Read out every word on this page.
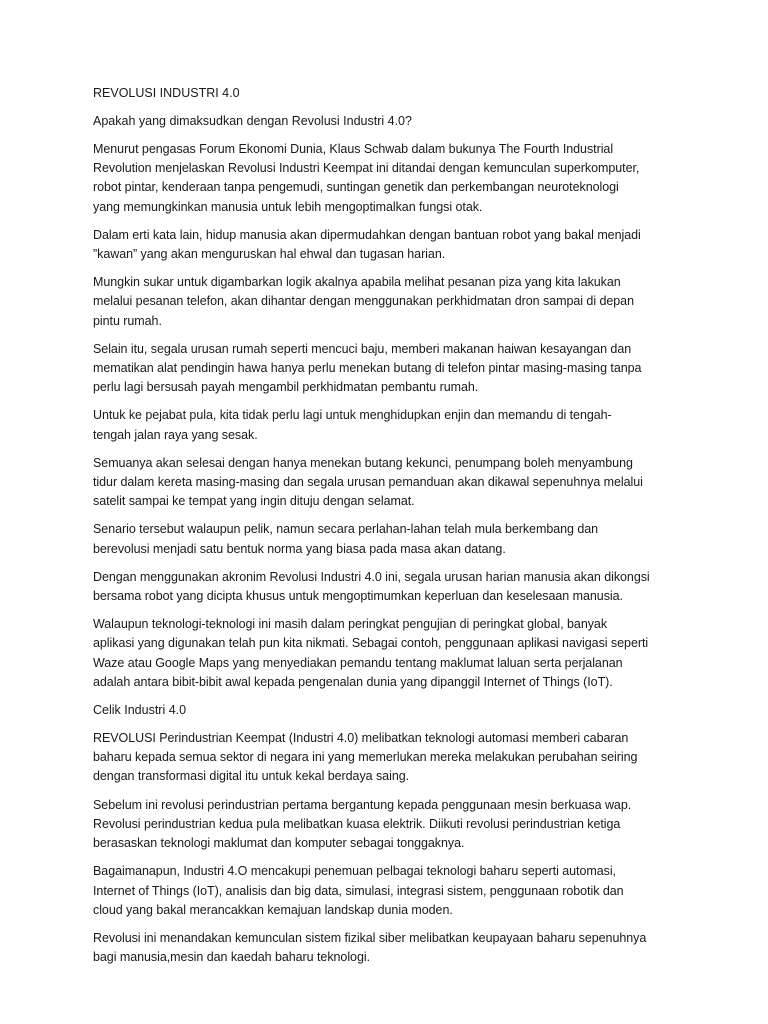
REVOLUSI INDUSTRI 4.0
Apakah yang dimaksudkan dengan Revolusi Industri 4.0?
Menurut pengasas Forum Ekonomi Dunia, Klaus Schwab dalam bukunya The Fourth Industrial
Revolution menjelaskan Revolusi Industri Keempat ini ditandai dengan kemunculan superkomputer,
robot pintar, kenderaan tanpa pengemudi, suntingan genetik dan perkembangan neuroteknologi
yang memungkinkan manusia untuk lebih mengoptimalkan fungsi otak.
Dalam erti kata lain, hidup manusia akan dipermudahkan dengan bantuan robot yang bakal menjadi
”kawan” yang akan menguruskan hal ehwal dan tugasan harian.
Mungkin sukar untuk digambarkan logik akalnya apabila melihat pesanan piza yang kita lakukan
melalui pesanan telefon, akan dihantar dengan menggunakan perkhidmatan dron sampai di depan
pintu rumah.
Selain itu, segala urusan rumah seperti mencuci baju, memberi makanan haiwan kesayangan dan
mematikan alat pendingin hawa hanya perlu menekan butang di telefon pintar masing-masing tanpa
perlu lagi bersusah payah mengambil perkhidmatan pembantu rumah.
Untuk ke pejabat pula, kita tidak perlu lagi untuk menghidupkan enjin dan memandu di tengah-
tengah jalan raya yang sesak.
Semuanya akan selesai dengan hanya menekan butang kekunci, penumpang boleh menyambung
tidur dalam kereta masing-masing dan segala urusan pemanduan akan dikawal sepenuhnya melalui
satelit sampai ke tempat yang ingin dituju dengan selamat.
Senario tersebut walaupun pelik, namun secara perlahan-lahan telah mula berkembang dan
berevolusi menjadi satu bentuk norma yang biasa pada masa akan datang.
Dengan menggunakan akronim Revolusi Industri 4.0 ini, segala urusan harian manusia akan dikongsi
bersama robot yang dicipta khusus untuk mengoptimumkan keperluan dan keselesaan manusia.
Walaupun teknologi-teknologi ini masih dalam peringkat pengujian di peringkat global, banyak
aplikasi yang digunakan telah pun kita nikmati. Sebagai contoh, penggunaan aplikasi navigasi seperti
Waze atau Google Maps yang menyediakan pemandu tentang maklumat laluan serta perjalanan
adalah antara bibit-bibit awal kepada pengenalan dunia yang dipanggil Internet of Things (IoT).
Celik Industri 4.0
REVOLUSI Perindustrian Keempat (Industri 4.0) melibatkan teknologi automasi memberi cabaran
baharu kepada semua sektor di negara ini yang memerlukan mereka melakukan perubahan seiring
dengan transformasi digital itu untuk kekal berdaya saing.
Sebelum ini revolusi perindustrian pertama bergantung kepada penggunaan mesin berkuasa wap.
Revolusi perindustrian kedua pula melibatkan kuasa elektrik. Diikuti revolusi perindustrian ketiga
berasaskan teknologi maklumat dan komputer sebagai tonggaknya.
Bagaimanapun, Industri 4.O mencakupi penemuan pelbagai teknologi baharu seperti automasi,
Internet of Things (IoT), analisis dan big data, simulasi, integrasi sistem, penggunaan robotik dan
cloud yang bakal merancakkan kemajuan landskap dunia moden.
Revolusi ini menandakan kemunculan sistem fizikal siber melibatkan keupayaan baharu sepenuhnya
bagi manusia,mesin dan kaedah baharu teknologi.
